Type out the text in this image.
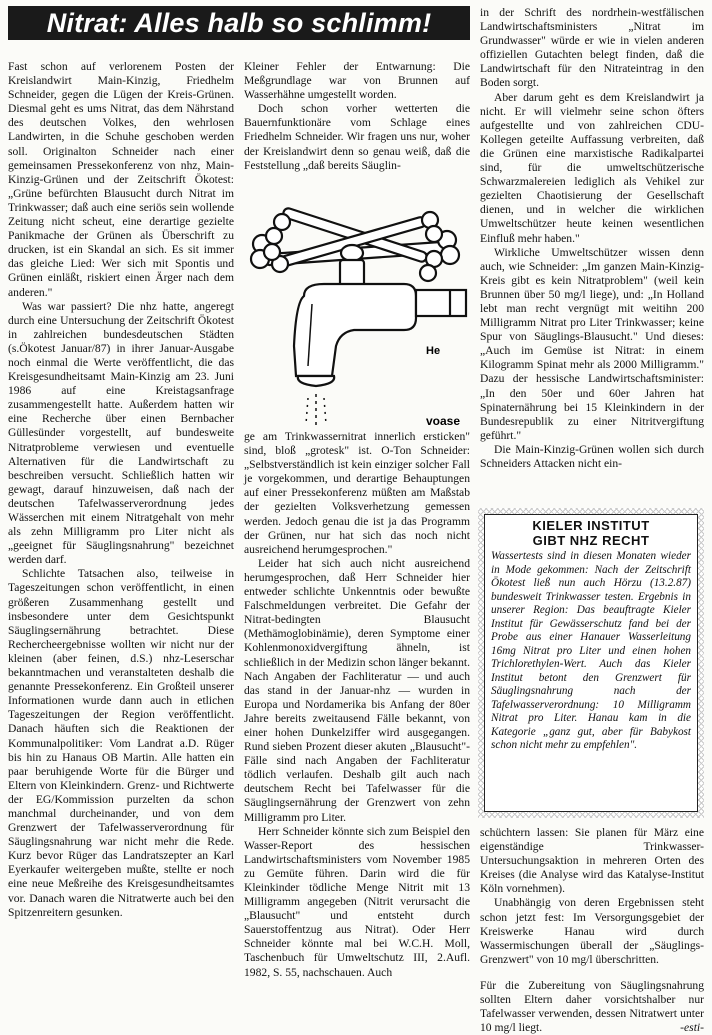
Nitrat: Alles halb so schlimm!

Fast schon auf verlorenem Posten der Kreislandwirt Main-Kinzig, Friedhelm Schneider, gegen die Lügen der Kreis-Grünen. Diesmal geht es ums Nitrat, das dem Nährstand des deutschen Volkes, den wehrlosen Landwirten, in die Schuhe geschoben werden soll. Originalton Schneider nach einer gemeinsamen Pressekonferenz von nhz, Main-Kinzig-Grünen und der Zeitschrift Ökotest: „Grüne befürchten Blausucht durch Nitrat im Trinkwasser; daß auch eine seriös sein wollende Zeitung nicht scheut, eine derartige gezielte Panikmache der Grünen als Überschrift zu drucken, ist ein Skandal an sich. Es sit immer das gleiche Lied: Wer sich mit Spontis und Grünen einläßt, riskiert einen Ärger nach dem anderen."

Was war passiert? Die nhz hatte, angeregt durch eine Untersuchung der Zeitschrift Ökotest in zahlreichen bundesdeutschen Städten (s.Ökotest Januar/87) in ihrer Januar-Ausgabe noch einmal die Werte veröffentlicht, die das Kreisgesundheitsamt Main-Kinzig am 23. Juni 1986 auf eine Kreistagsanfrage zusammengestellt hatte. Außerdem hatten wir eine Recherche über einen Bernbacher Güllesünder vorgestellt, auf bundesweite Nitratprobleme verwiesen und eventuelle Alternativen für die Landwirtschaft zu beschreiben versucht. Schließlich hatten wir gewagt, darauf hinzuweisen, daß nach der deutschen Tafelwasserverordnung jedes Wässerchen mit einem Nitratgehalt von mehr als zehn Milligramm pro Liter nicht als „geeignet für Säuglingsnahrung" bezeichnet werden darf.

Schlichte Tatsachen also, teilweise in Tageszeitungen schon veröffentlicht, in einen größeren Zusammenhang gestellt und insbesondere unter dem Gesichtspunkt Säuglingsernährung betrachtet. Diese Rechercheergebnisse wollten wir nicht nur der kleinen (aber feinen, d.S.) nhz-Leserschar bekanntmachen und veranstalteten deshalb die genannte Pressekonferenz. Ein Großteil unserer Informationen wurde dann auch in etlichen Tageszeitungen der Region veröffentlicht. Danach häuften sich die Reaktionen der Kommunalpolitiker: Vom Landrat a.D. Rüger bis hin zu Hanaus OB Martin. Alle hatten ein paar beruhigende Worte für die Bürger und Eltern von Kleinkindern. Grenz- und Richtwerte der EG/Kommission purzelten da schon manchmal durcheinander, und von dem Grenzwert der Tafelwasserverordnung für Säuglingsnahrung war nicht mehr die Rede. Kurz bevor Rüger das Landratszepter an Karl Eyerkaufer weitergeben mußte, stellte er noch eine neue Meßreihe des Kreisgesundheitsamtes vor. Danach waren die Nitratwerte auch bei den Spitzenreitern gesunken.

Kleiner Fehler der Entwarnung: Die Meßgrundlage war von Brunnen auf Wasserhähne umgestellt worden.

Doch schon vorher wetterten die Bauernfunktionäre vom Schlage eines Friedhelm Schneider. Wir fragen uns nur, woher der Kreislandwirt denn so genau weiß, daß die Feststellung „daß bereits Säuglin-

Hе
voase

ge am Trinkwassernitrat innerlich ersticken" sind, bloß „grotesk" ist. O-Ton Schneider: „Selbstverständlich ist kein einziger solcher Fall je vorgekommen, und derartige Behauptungen auf einer Pressekonferenz müßten am Maßstab der gezielten Volksverhetzung gemessen werden. Jedoch genau die ist ja das Programm der Grünen, nur hat sich das noch nicht ausreichend herumgesprochen."

Leider hat sich auch nicht ausreichend herumgesprochen, daß Herr Schneider hier entweder schlichte Unkenntnis oder bewußte Falschmeldungen verbreitet. Die Gefahr der Nitrat-bedingten Blausucht (Methämoglobinämie), deren Symptome einer Kohlenmonoxidvergiftung ähneln, ist schließlich in der Medizin schon länger bekannt. Nach Angaben der Fachliteratur — und auch das stand in der Januar-nhz — wurden in Europa und Nordamerika bis Anfang der 80er Jahre bereits zweitausend Fälle bekannt, von einer hohen Dunkelziffer wird ausgegangen. Rund sieben Prozent dieser akuten „Blausucht"-Fälle sind nach Angaben der Fachliteratur tödlich verlaufen. Deshalb gilt auch nach deutschem Recht bei Tafelwasser für die Säuglingsernährung der Grenzwert von zehn Milligramm pro Liter.

Herr Schneider könnte sich zum Beispiel den Wasser-Report des hessischen Landwirtschaftsministers vom November 1985 zu Gemüte führen. Darin wird die für Kleinkinder tödliche Menge Nitrit mit 13 Milligramm angegeben (Nitrit verursacht die „Blausucht" und entsteht durch Sauerstoffentzug aus Nitrat). Oder Herr Schneider könnte mal bei W.C.H. Moll, Taschenbuch für Umweltschutz III, 2.Aufl. 1982, S. 55, nachschauen. Auch

in der Schrift des nordrhein-westfälischen Landwirtschaftsministers „Nitrat im Grundwasser" würde er wie in vielen anderen offiziellen Gutachten belegt finden, daß die Landwirtschaft für den Nitrateintrag in den Boden sorgt.

Aber darum geht es dem Kreislandwirt ja nicht. Er will vielmehr seine schon öfters aufgestellte und von zahlreichen CDU-Kollegen geteilte Auffassung verbreiten, daß die Grünen eine marxistische Radikalpartei sind, für die umweltschützerische Schwarzmalereien lediglich als Vehikel zur gezielten Chaotisierung der Gesellschaft dienen, und in welcher die wirklichen Umweltschützer heute keinen wesentlichen Einfluß mehr haben."

Wirkliche Umweltschützer wissen denn auch, wie Schneider: „Im ganzen Main-Kinzig-Kreis gibt es kein Nitratproblem" (weil kein Brunnen über 50 mg/l liege), und: „In Holland lebt man recht vergnügt mit weitihn 200 Milligramm Nitrat pro Liter Trinkwasser; keine Spur von Säuglings-Blausucht." Und dieses: „Auch im Gemüse ist Nitrat: in einem Kilogramm Spinat mehr als 2000 Milligramm." Dazu der hessische Landwirtschaftsminister: „In den 50er und 60er Jahren hat Spinaternährung bei 15 Kleinkindern in der Bundesrepublik zu einer Nitritvergiftung geführt."

Die Main-Kinzig-Grünen wollen sich durch Schneiders Attacken nicht ein-

KIELER INSTITUT
GIBT NHZ RECHT
Wassertests sind in diesen Monaten wieder in Mode gekommen: Nach der Zeitschrift Ökotest ließ nun auch Hörzu (13.2.87) bundesweit Trinkwasser testen. Ergebnis in unserer Region: Das beauftragte Kieler Institut für Gewässerschutz fand bei der Probe aus einer Hanauer Wasserleitung 16mg Nitrat pro Liter und einen hohen Trichlorethylen-Wert. Auch das Kieler Institut betont den Grenzwert für Säuglingsnahrung nach der Tafelwasserverordnung: 10 Milligramm Nitrat pro Liter. Hanau kam in die Kategorie „ganz gut, aber für Babykost schon nicht mehr zu empfehlen".

schüchtern lassen: Sie planen für März eine eigenständige Trinkwasser-Untersuchungsaktion in mehreren Orten des Kreises (die Analyse wird das Katalyse-Institut Köln vornehmen).

Unabhängig von deren Ergebnissen steht schon jetzt fest: Im Versorgungsgebiet der Kreiswerke Hanau wird durch Wassermischungen überall der „Säuglings-Grenzwert" von 10 mg/l überschritten.

Für die Zubereitung von Säuglingsnahrung sollten Eltern daher vorsichtshalber nur Tafelwasser verwenden, dessen Nitratwert unter 10 mg/l liegt.	-esti-
